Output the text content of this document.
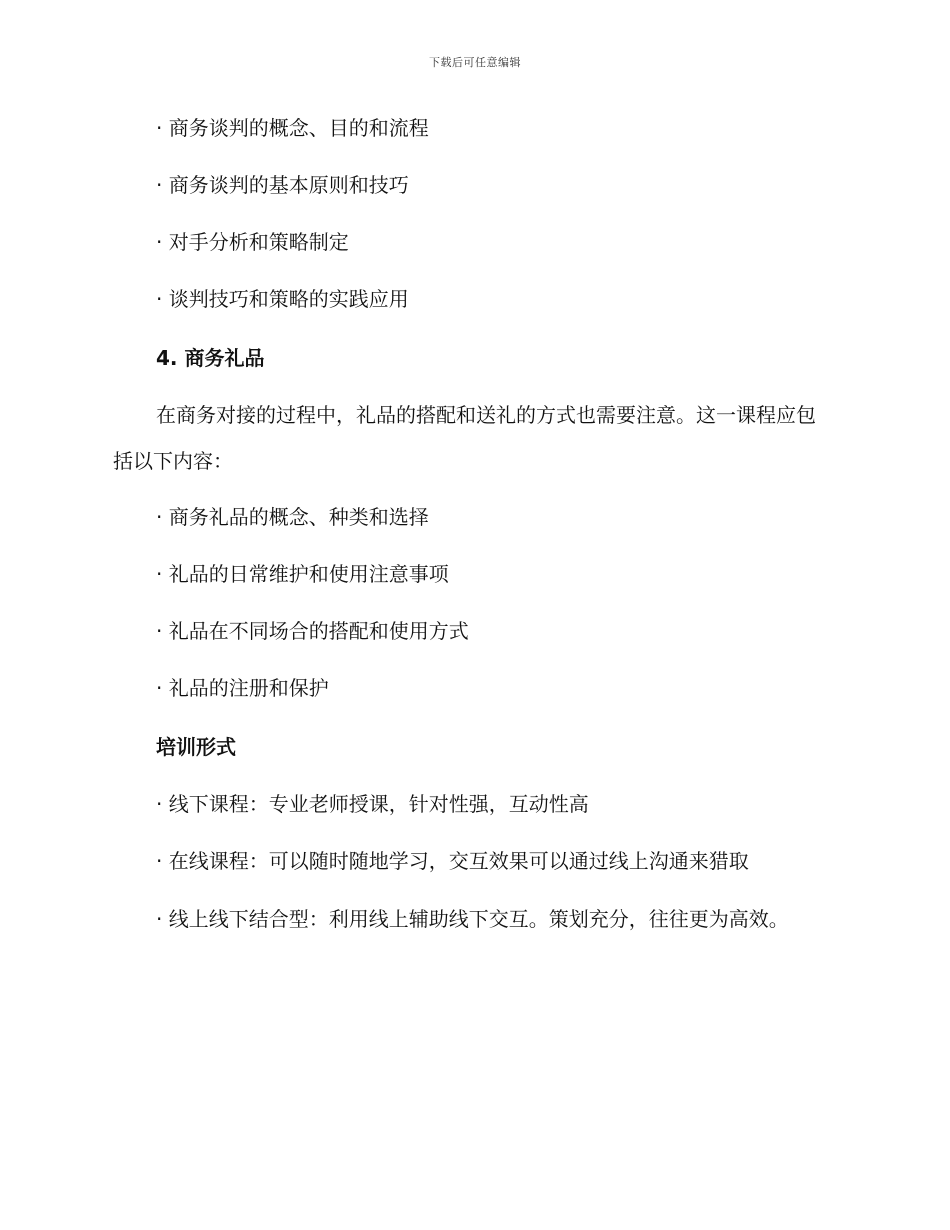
下载后可任意编辑
· 商务谈判的概念、目的和流程
· 商务谈判的基本原则和技巧
· 对手分析和策略制定
· 谈判技巧和策略的实践应用
4. 商务礼品
在商务对接的过程中，礼品的搭配和送礼的方式也需要注意。这一课程应包括以下内容：
· 商务礼品的概念、种类和选择
· 礼品的日常维护和使用注意事项
· 礼品在不同场合的搭配和使用方式
· 礼品的注册和保护
培训形式
· 线下课程：专业老师授课，针对性强，互动性高
· 在线课程：可以随时随地学习，交互效果可以通过线上沟通来猎取
· 线上线下结合型：利用线上辅助线下交互。策划充分，往往更为高效。
